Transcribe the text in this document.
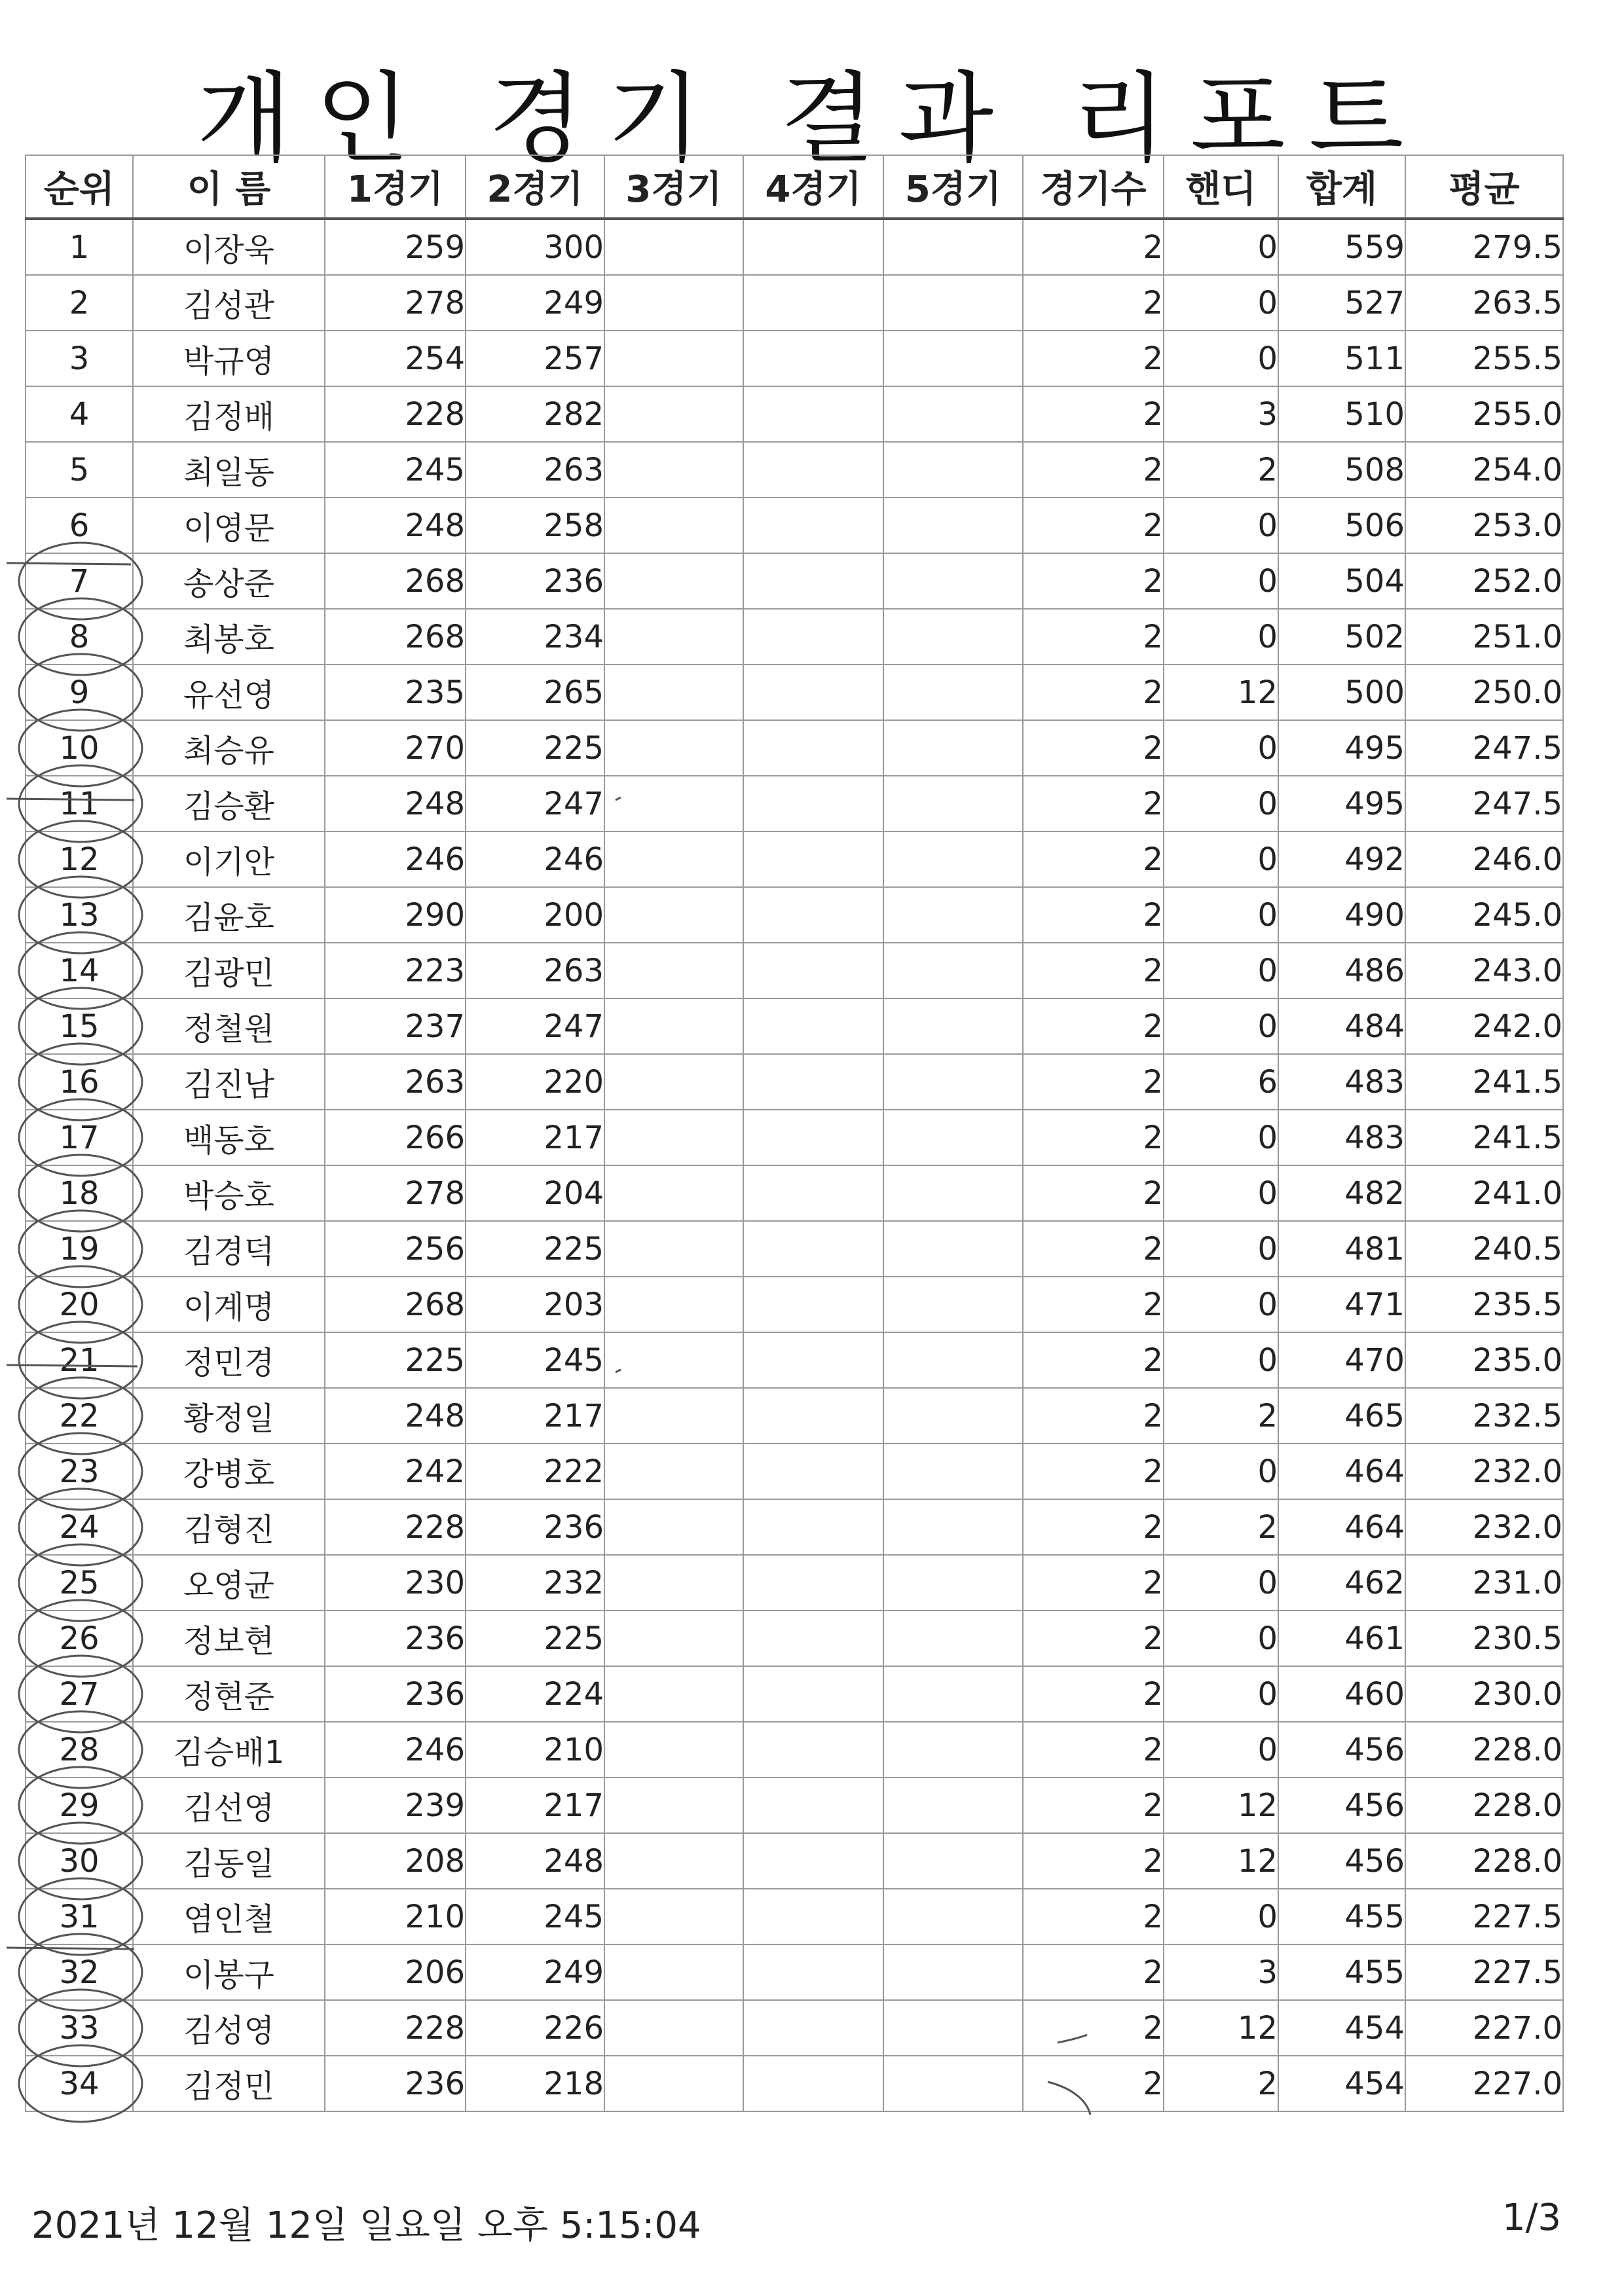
개인 경기 결과 리포트
순위	이 름	1경기	2경기	3경기	4경기	5경기	경기수	핸디	합계	평균
1	이장욱	259	300				2	0	559	279.5
2	김성관	278	249				2	0	527	263.5
3	박규영	254	257				2	0	511	255.5
4	김정배	228	282				2	3	510	255.0
5	최일동	245	263				2	2	508	254.0
6	이영문	248	258				2	0	506	253.0
7	송상준	268	236				2	0	504	252.0
8	최봉호	268	234				2	0	502	251.0
9	유선영	235	265				2	12	500	250.0
10	최승유	270	225				2	0	495	247.5
11	김승환	248	247				2	0	495	247.5
12	이기안	246	246				2	0	492	246.0
13	김윤호	290	200				2	0	490	245.0
14	김광민	223	263				2	0	486	243.0
15	정철원	237	247				2	0	484	242.0
16	김진남	263	220				2	6	483	241.5
17	백동호	266	217				2	0	483	241.5
18	박승호	278	204				2	0	482	241.0
19	김경덕	256	225				2	0	481	240.5
20	이계명	268	203				2	0	471	235.5
21	정민경	225	245				2	0	470	235.0
22	황정일	248	217				2	2	465	232.5
23	강병호	242	222				2	0	464	232.0
24	김형진	228	236				2	2	464	232.0
25	오영균	230	232				2	0	462	231.0
26	정보현	236	225				2	0	461	230.5
27	정현준	236	224				2	0	460	230.0
28	김승배1	246	210				2	0	456	228.0
29	김선영	239	217				2	12	456	228.0
30	김동일	208	248				2	12	456	228.0
31	염인철	210	245				2	0	455	227.5
32	이봉구	206	249				2	3	455	227.5
33	김성영	228	226				2	12	454	227.0
34	김정민	236	218				2	2	454	227.0
2021년 12월 12일 일요일 오후 5:15:04	1/3
